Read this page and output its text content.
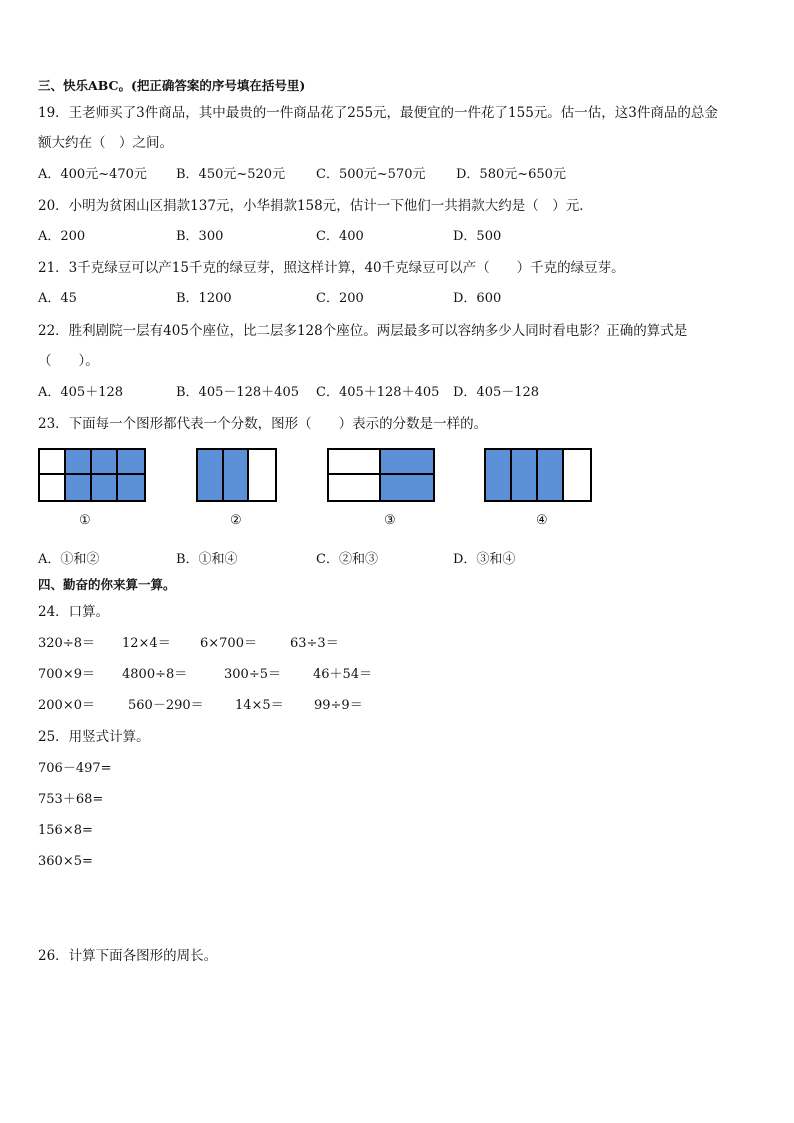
三、快乐ABC。(把正确答案的序号填在括号里)
19．王老师买了3件商品，其中最贵的一件商品花了255元，最便宜的一件花了155元。估一估，这3件商品的总金
额大约在（　）之间。
A．400元~470元 B．450元~520元 C．500元~570元 D．580元~650元
20．小明为贫困山区捐款137元，小华捐款158元，估计一下他们一共捐款大约是（　）元．
A．200	B．300	C．400	D．500
21．3千克绿豆可以产15千克的绿豆芽，照这样计算，40千克绿豆可以产（　　）千克的绿豆芽。
A．45	B．1200	C．200	D．600
22．胜利剧院一层有405个座位，比二层多128个座位。两层最多可以容纳多少人同时看电影？正确的算式是
（　　）。
A．405＋128	B．405－128＋405 C．405＋128＋405 D．405－128
23．下面每一个图形都代表一个分数，图形（　　）表示的分数是一样的。
①	②	③	④
A．①和②	B．①和④	C．②和③	D．③和④
四、勤奋的你来算一算。
24．口算。
320÷8＝ 12×4＝ 6×700＝	63÷3＝
700×9＝ 4800÷8＝	300÷5＝ 46＋54＝
200×0＝	560－290＝ 14×5＝ 99÷9＝
25．用竖式计算。
706－497=
753＋68=
156×8=
360×5=
26．计算下面各图形的周长。
